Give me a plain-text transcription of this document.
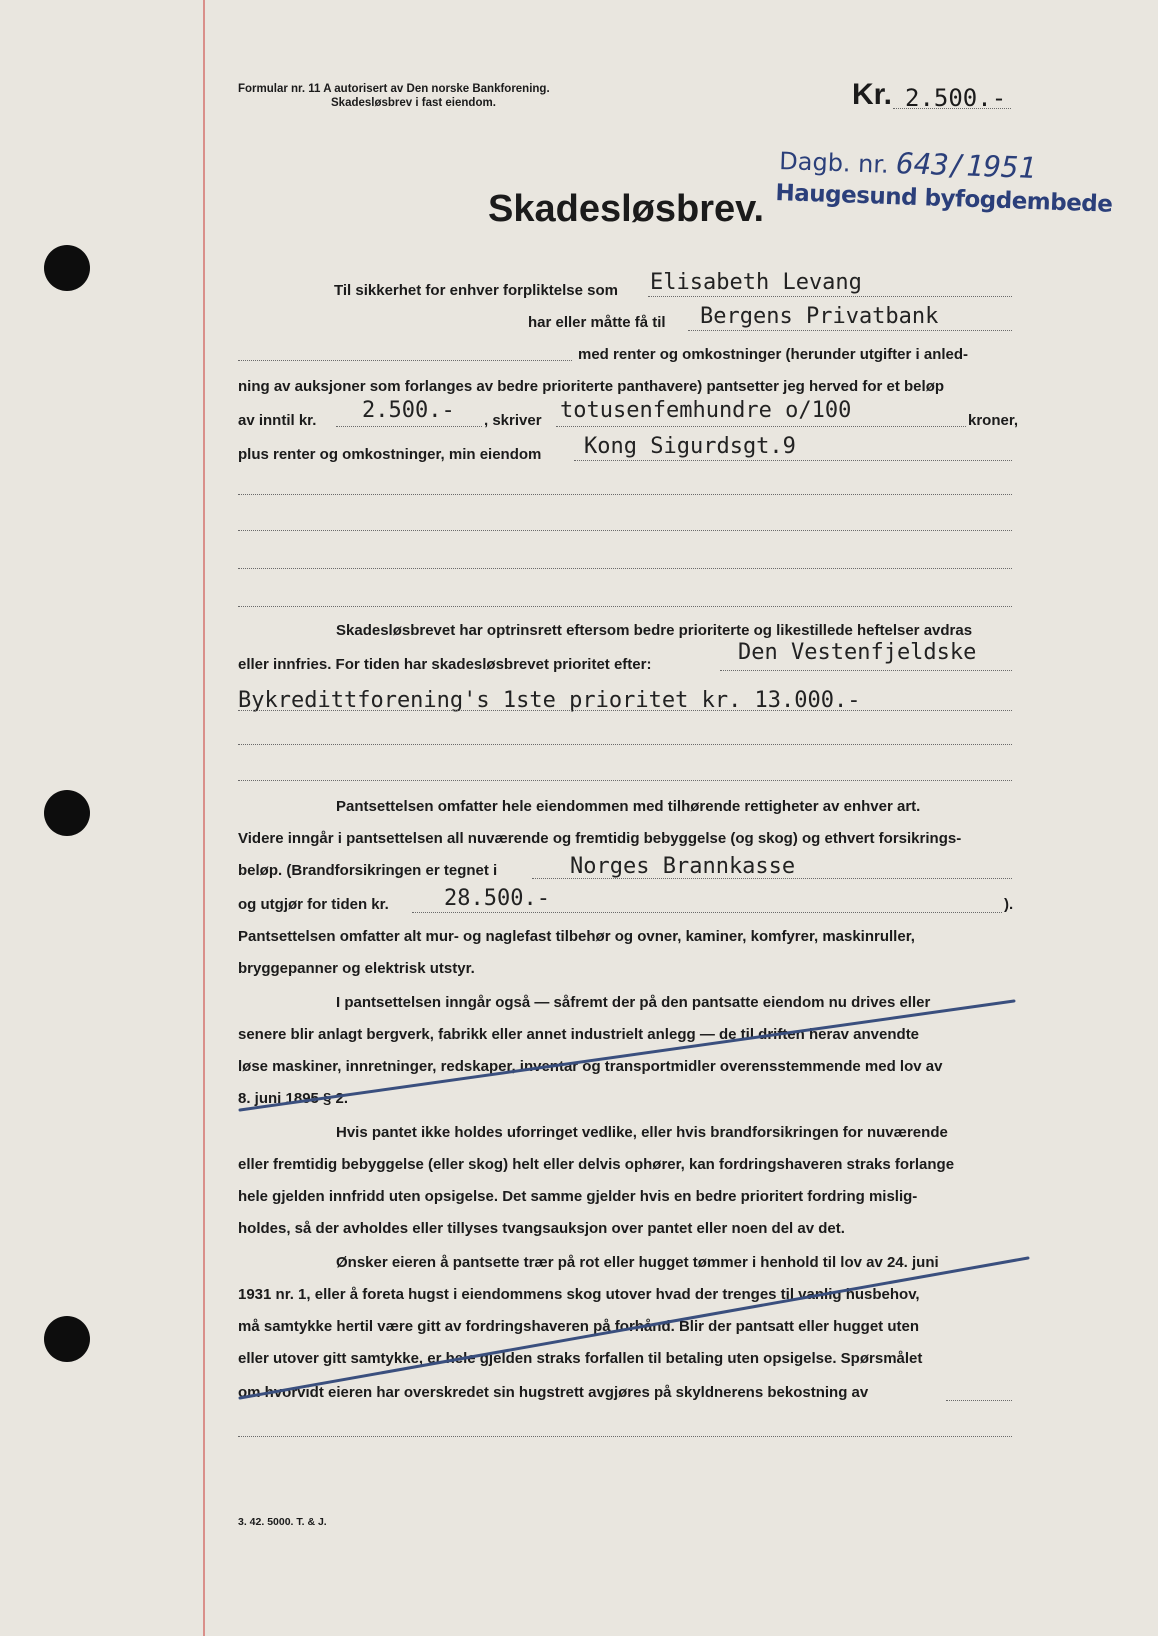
Formular nr. 11 A autorisert av Den norske Bankforening.
Skadesløsbrev i fast eiendom.	Kr. 2.500.-
Dagb. nr. 643/1951
Haugesund byfogdembede
Skadesløsbrev.
Til sikkerhet for enhver forpliktelse som Elisabeth Levang
har eller måtte få til Bergens Privatbank
med renter og omkostninger (herunder utgifter i anled-
ning av auksjoner som forlanges av bedre prioriterte panthavere) pantsetter jeg herved for et beløp
av inntil kr. 2.500.- , skriver totusenfemhundre o/100	kroner,
plus renter og omkostninger, min eiendom Kong Sigurdsgt.9
Skadesløsbrevet har optrinsrett eftersom bedre prioriterte og likestillede heftelser avdras
eller innfries. For tiden har skadesløsbrevet prioritet efter:	Den Vestenfjeldske
Bykredittforening's 1ste prioritet kr. 13.000.-
Pantsettelsen omfatter hele eiendommen med tilhørende rettigheter av enhver art.
Videre inngår i pantsettelsen all nuværende og fremtidig bebyggelse (og skog) og ethvert forsikrings-
beløp. (Brandforsikringen er tegnet i	Norges Brannkasse
og utgjør for tiden kr.	28.500.-	).
Pantsettelsen omfatter alt mur- og naglefast tilbehør og ovner, kaminer, komfyrer, maskinruller,
bryggepanner og elektrisk utstyr.
I pantsettelsen inngår også — såfremt der på den pantsatte eiendom nu drives eller
senere blir anlagt bergverk, fabrikk eller annet industrielt anlegg — de til driften herav anvendte
løse maskiner, innretninger, redskaper, inventar og transportmidler overensstemmende med lov av
8. juni 1895 § 2.
Hvis pantet ikke holdes uforringet vedlike, eller hvis brandforsikringen for nuværende
eller fremtidig bebyggelse (eller skog) helt eller delvis ophører, kan fordringshaveren straks forlange
hele gjelden innfridd uten opsigelse. Det samme gjelder hvis en bedre prioritert fordring mislig-
holdes, så der avholdes eller tillyses tvangsauksjon over pantet eller noen del av det.
Ønsker eieren å pantsette trær på rot eller hugget tømmer i henhold til lov av 24. juni
1931 nr. 1, eller å foreta hugst i eiendommens skog utover hvad der trenges til vanlig husbehov,
må samtykke hertil være gitt av fordringshaveren på forhånd. Blir der pantsatt eller hugget uten
eller utover gitt samtykke, er hele gjelden straks forfallen til betaling uten opsigelse. Spørsmålet
om hvorvidt eieren har overskredet sin hugstrett avgjøres på skyldnerens bekostning av
3. 42. 5000. T. & J.
